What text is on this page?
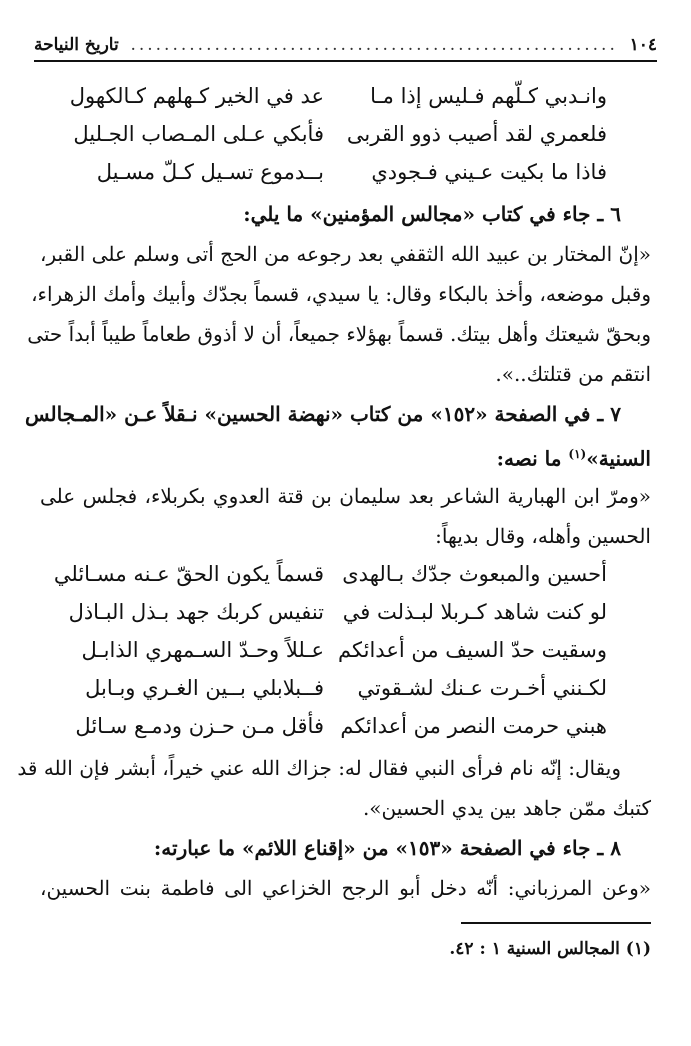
١٠٤
..........................................................
تاريخ النياحة
وانـدبي كـلّهم فـليس إذا مـا
عد في الخير كـهلهم كـالكهول
فلعمري لقد أصيب ذوو القربى
فأبكي عـلى المـصاب الجـليل
فاذا ما بكيت عـيني فـجودي
بــدموع تسـيل كـلّ مسـيل
٦ ـ جاء في كتاب «مجالس المؤمنين» ما يلي:
«إنّ المختار بن عبيد الله الثقفي بعد رجوعه من الحج أتى وسلم على القبر،
وقبل موضعه، وأخذ بالبكاء وقال: يا سيدي، قسماً بجدّك وأبيك وأمك الزهراء،
وبحقّ شيعتك وأهل بيتك. قسماً بهؤلاء جميعاً، أن لا أذوق طعاماً طيباً أبداً حتى
انتقم من قتلتك..».
٧ ـ في الصفحة «١٥٢» من كتاب «نهضة الحسين» نـقلاً عـن «المـجالس
السنية»$^{(١)}$ ما نصه:
«ومرّ ابن الهبارية الشاعر بعد سليمان بن قتة العدوي بكربلاء، فجلس على
الحسين وأهله، وقال بديهاً:
أحسين والمبعوث جدّك بـالهدى
قسماً يكون الحقّ عـنه مسـائلي
لو كنت شاهد كـربلا لبـذلت في
تنفيس كربك جهد بـذل البـاذل
وسقيت حدّ السيف من أعدائكم
عـللاً وحـدّ السـمهري الذابـل
لكـنني أخـرت عـنك لشـقوتي
فــبلابلي بــين الغـري وبـابل
هبني حرمت النصر من أعدائكم
فأقل مـن حـزن ودمـع سـائل
ويقال: إنّه نام فرأى النبي فقال له: جزاك الله عني خيراً، أبشر فإن الله قد
كتبك ممّن جاهد بين يدي الحسين».
٨ ـ جاء في الصفحة «١٥٣» من «إقناع اللائم» ما عبارته:
«وعن المرزباني: أنّه دخل أبو الرجح الخزاعي الى فاطمة بنت الحسين،
(١) المجالس السنية ١ : ٤٢.
